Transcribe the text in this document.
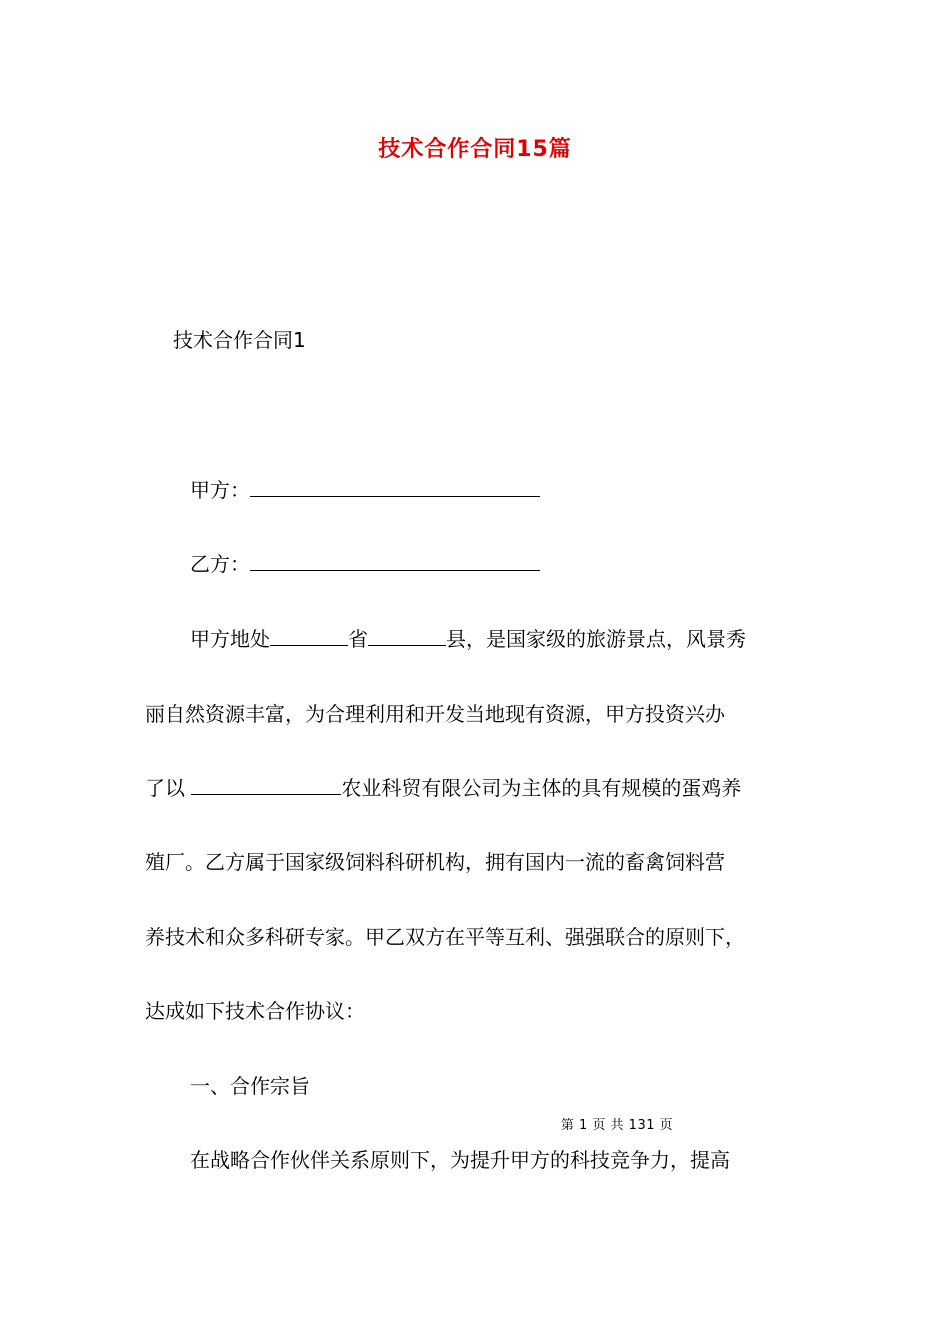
技术合作合同15篇
技术合作合同1
甲方：
乙方：
甲方地处	省	县，是国家级的旅游景点，风景秀
丽自然资源丰富，为合理利用和开发当地现有资源，甲方投资兴办
了以	农业科贸有限公司为主体的具有规模的蛋鸡养
殖厂。乙方属于国家级饲料科研机构，拥有国内一流的畜禽饲料营
养技术和众多科研专家。甲乙双方在平等互利、强强联合的原则下，
达成如下技术合作协议：
一、合作宗旨
第 1 页 共 131 页
在战略合作伙伴关系原则下，为提升甲方的科技竞争力，提高
